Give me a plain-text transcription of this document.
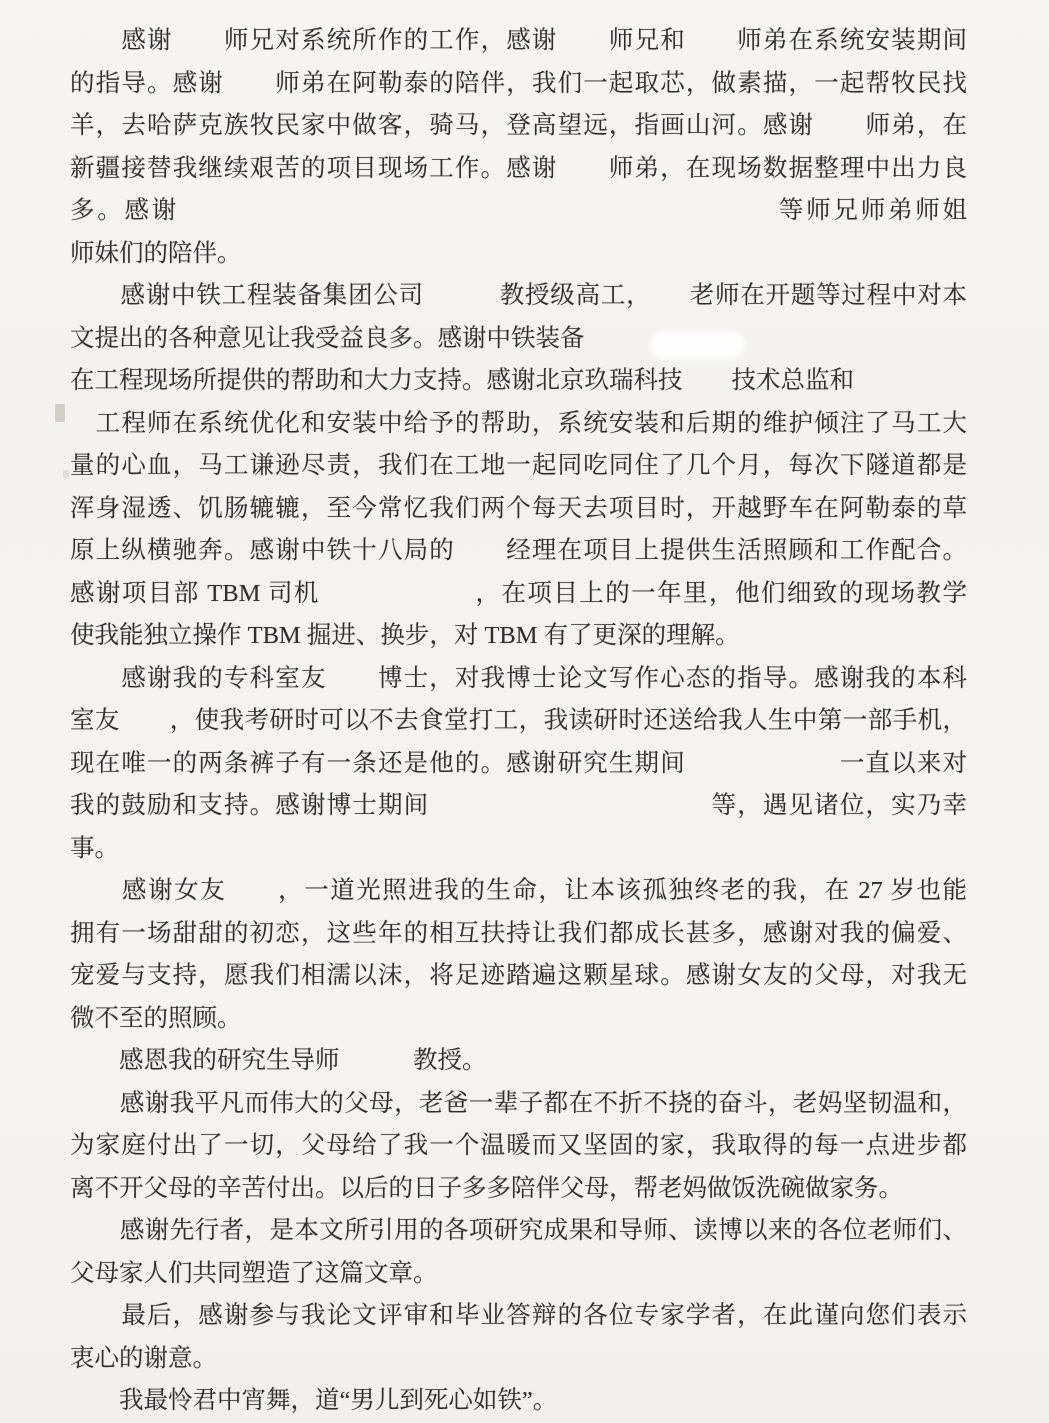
　　感谢　　师兄对系统所作的工作，感谢　　师兄和　　师弟在系统安装期间
的指导。感谢　　师弟在阿勒泰的陪伴，我们一起取芯，做素描，一起帮牧民找
羊，去哈萨克族牧民家中做客，骑马，登高望远，指画山河。感谢　　师弟，在
新疆接替我继续艰苦的项目现场工作。感谢　　师弟，在现场数据整理中出力良
多。感谢　　　　　　　　　　　　　　　　　　　　　　等师兄师弟师姐
师妹们的陪伴。
　　感谢中铁工程装备集团公司　　　教授级高工，　　老师在开题等过程中对本
文提出的各种意见让我受益良多。感谢中铁装备
在工程现场所提供的帮助和大力支持。感谢北京玖瑞科技　　技术总监和
　工程师在系统优化和安装中给予的帮助，系统安装和后期的维护倾注了马工大
量的心血，马工谦逊尽责，我们在工地一起同吃同住了几个月，每次下隧道都是
浑身湿透、饥肠辘辘，至今常忆我们两个每天去项目时，开越野车在阿勒泰的草
原上纵横驰奔。感谢中铁十八局的　　经理在项目上提供生活照顾和工作配合。
感谢项目部 TBM 司机　　　　　　，在项目上的一年里，他们细致的现场教学
使我能独立操作 TBM 掘进、换步，对 TBM 有了更深的理解。
　　感谢我的专科室友　　博士，对我博士论文写作心态的指导。感谢我的本科
室友　　，使我考研时可以不去食堂打工，我读研时还送给我人生中第一部手机，
现在唯一的两条裤子有一条还是他的。感谢研究生期间　　　　　　一直以来对
我的鼓励和支持。感谢博士期间　　　　　　　　　　　等，遇见诸位，实乃幸
事。
　　感谢女友　　，一道光照进我的生命，让本该孤独终老的我，在 27 岁也能
拥有一场甜甜的初恋，这些年的相互扶持让我们都成长甚多，感谢对我的偏爱、
宠爱与支持，愿我们相濡以沫，将足迹踏遍这颗星球。感谢女友的父母，对我无
微不至的照顾。
　　感恩我的研究生导师　　　教授。
　　感谢我平凡而伟大的父母，老爸一辈子都在不折不挠的奋斗，老妈坚韧温和，
为家庭付出了一切，父母给了我一个温暖而又坚固的家，我取得的每一点进步都
离不开父母的辛苦付出。以后的日子多多陪伴父母，帮老妈做饭洗碗做家务。
　　感谢先行者，是本文所引用的各项研究成果和导师、读博以来的各位老师们、
父母家人们共同塑造了这篇文章。
　　最后，感谢参与我论文评审和毕业答辩的各位专家学者，在此谨向您们表示
衷心的谢意。
　　我最怜君中宵舞，道“男儿到死心如铁”。
